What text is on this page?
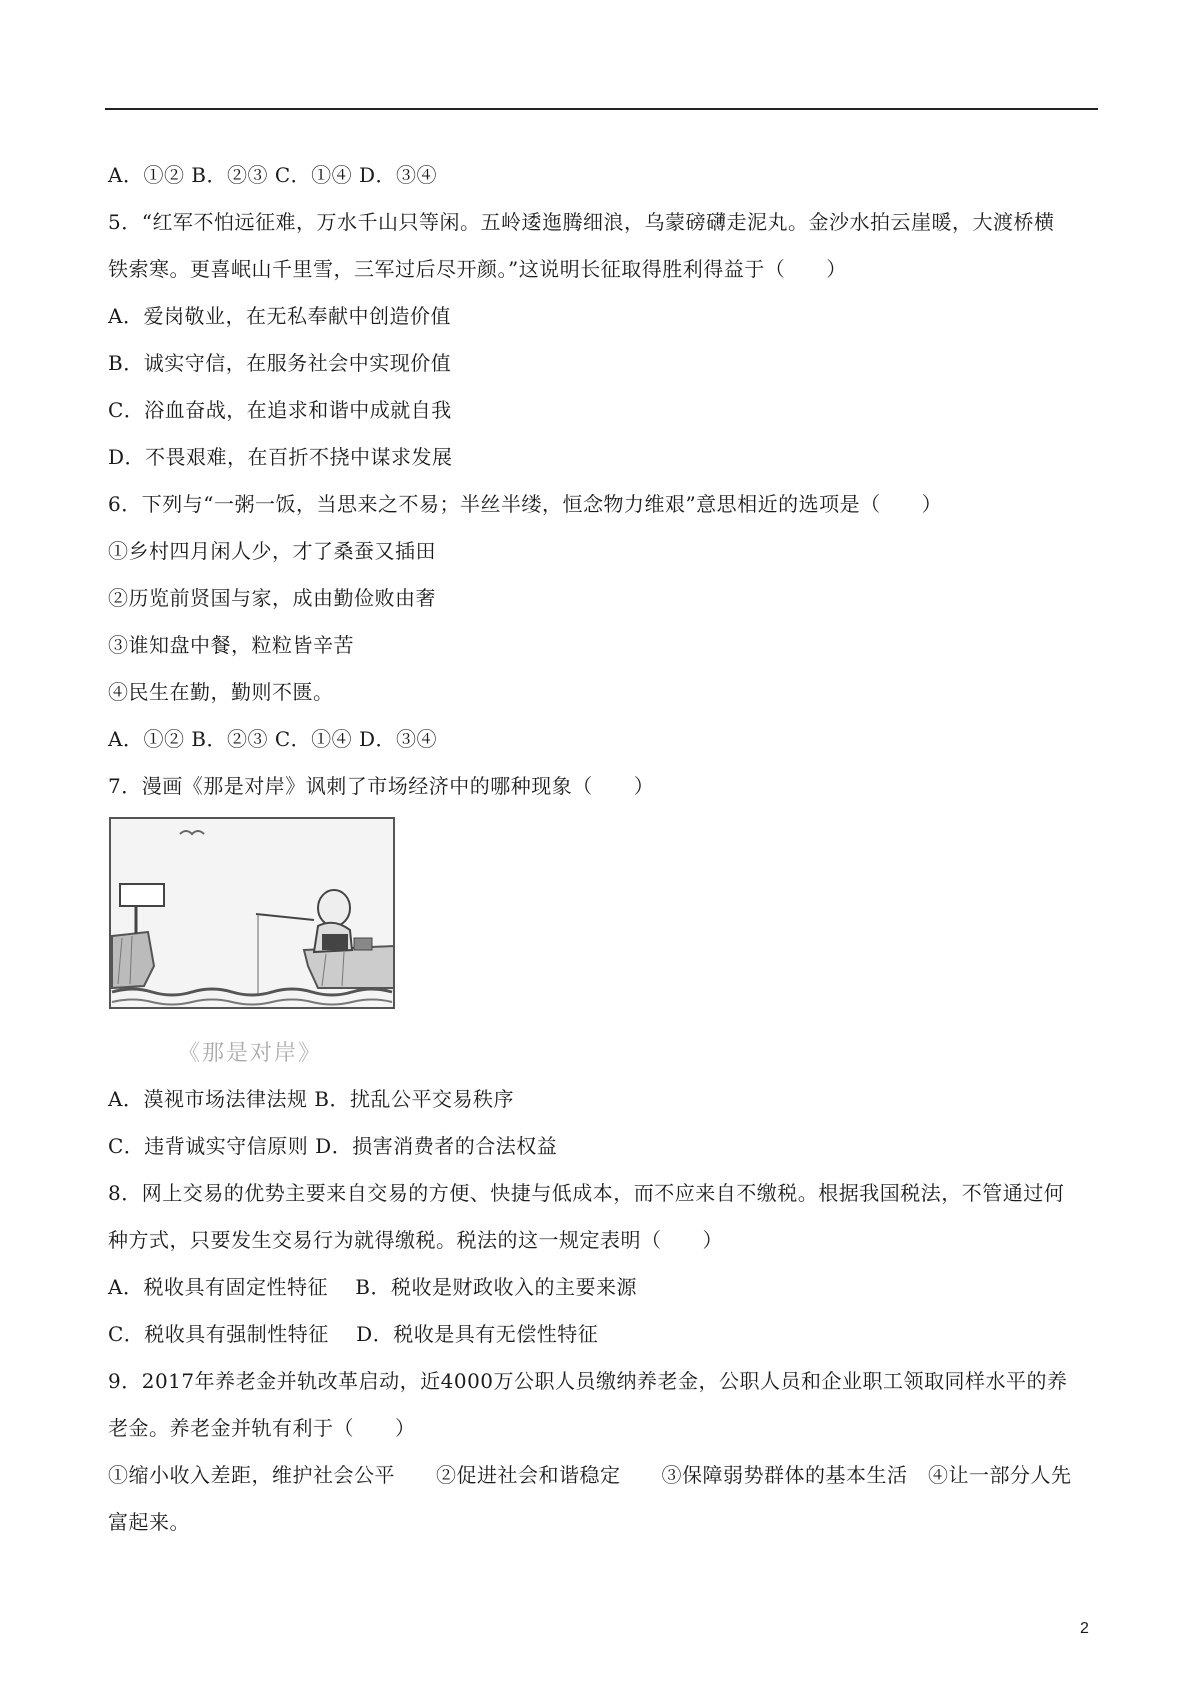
A．①② B．②③ C．①④ D．③④
5．“红军不怕远征难，万水千山只等闲。五岭逶迤腾细浪，乌蒙磅礴走泥丸。金沙水拍云崖暖，大渡桥横
铁索寒。更喜岷山千里雪，三军过后尽开颜。”这说明长征取得胜利得益于（　　）
A．爱岗敬业，在无私奉献中创造价值
B．诚实守信，在服务社会中实现价值
C．浴血奋战，在追求和谐中成就自我
D．不畏艰难，在百折不挠中谋求发展
6．下列与“一粥一饭，当思来之不易；半丝半缕，恒念物力维艰”意思相近的选项是（　　）
①乡村四月闲人少，才了桑蚕又插田
②历览前贤国与家，成由勤俭败由奢
③谁知盘中餐，粒粒皆辛苦
④民生在勤，勤则不匮。
A．①② B．②③ C．①④ D．③④
7．漫画《那是对岸》讽刺了市场经济中的哪种现象（　　）
《那是对岸》
A．漠视市场法律法规 B．扰乱公平交易秩序
C．违背诚实守信原则 D．损害消费者的合法权益
8．网上交易的优势主要来自交易的方便、快捷与低成本，而不应来自不缴税。根据我国税法，不管通过何
种方式，只要发生交易行为就得缴税。税法的这一规定表明（　　）
A．税收具有固定性特征　 B．税收是财政收入的主要来源
C．税收具有强制性特征　 D．税收是具有无偿性特征
9．2017年养老金并轨改革启动，近4000万公职人员缴纳养老金，公职人员和企业职工领取同样水平的养
老金。养老金并轨有利于（　　）
①缩小收入差距，维护社会公平　　②促进社会和谐稳定　　③保障弱势群体的基本生活　④让一部分人先
富起来。
2
